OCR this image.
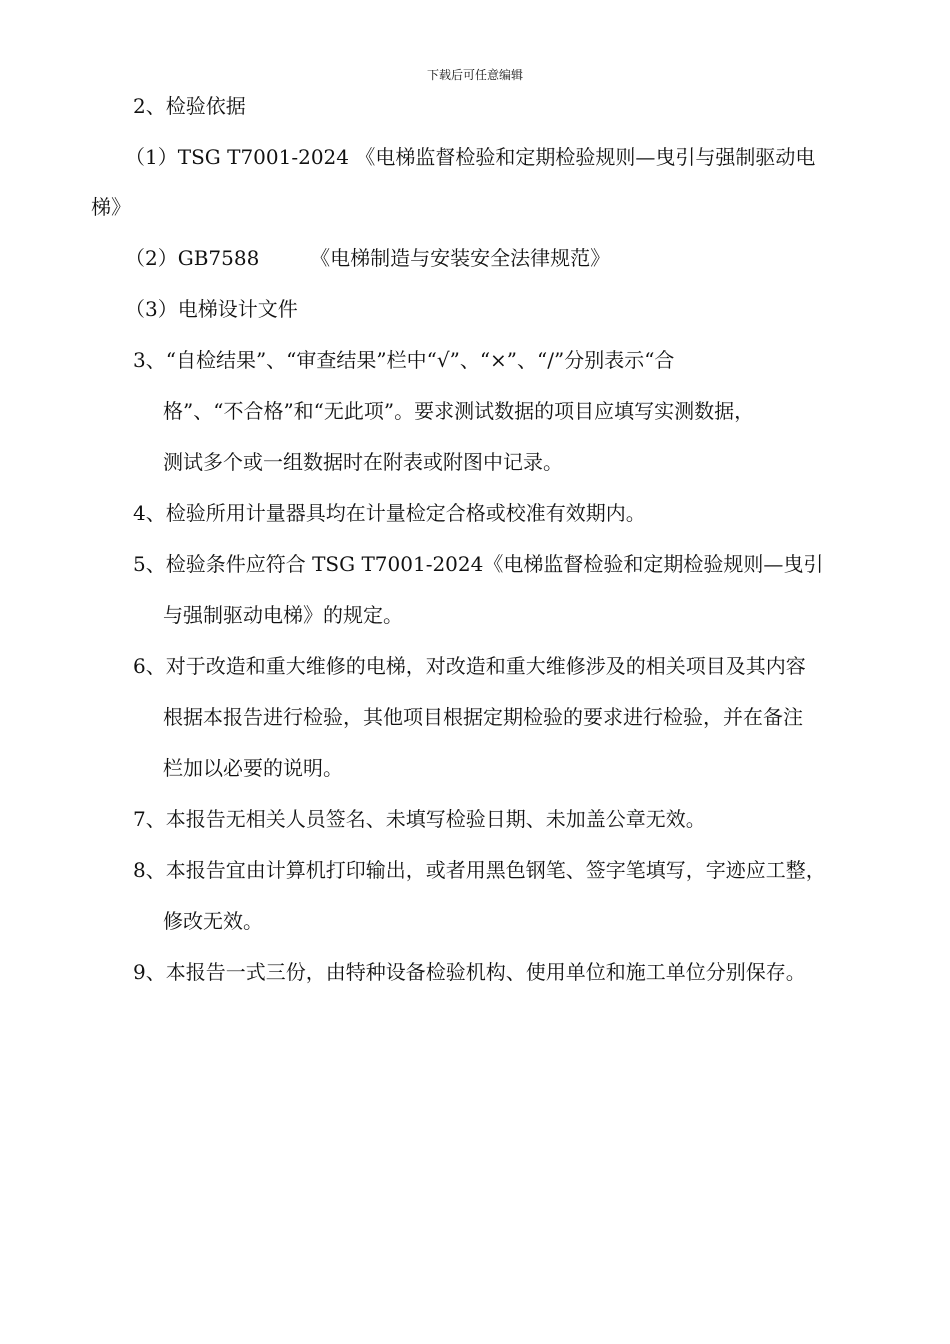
下载后可任意编辑
2、检验依据
（1）TSG T7001-2024 《电梯监督检验和定期检验规则—曳引与强制驱动电
梯》
（2）GB7588        《电梯制造与安装安全法律规范》
（3）电梯设计文件
3、“自检结果”、“审查结果”栏中“√”、“×”、“/”分别表示“合
格”、“不合格”和“无此项”。要求测试数据的项目应填写实测数据，
测试多个或一组数据时在附表或附图中记录。
4、检验所用计量器具均在计量检定合格或校准有效期内。
5、检验条件应符合 TSG T7001-2024《电梯监督检验和定期检验规则—曳引
与强制驱动电梯》的规定。
6、对于改造和重大维修的电梯，对改造和重大维修涉及的相关项目及其内容
根据本报告进行检验，其他项目根据定期检验的要求进行检验，并在备注
栏加以必要的说明。
7、本报告无相关人员签名、未填写检验日期、未加盖公章无效。
8、本报告宜由计算机打印输出，或者用黑色钢笔、签字笔填写，字迹应工整，
修改无效。
9、本报告一式三份，由特种设备检验机构、使用单位和施工单位分别保存。
